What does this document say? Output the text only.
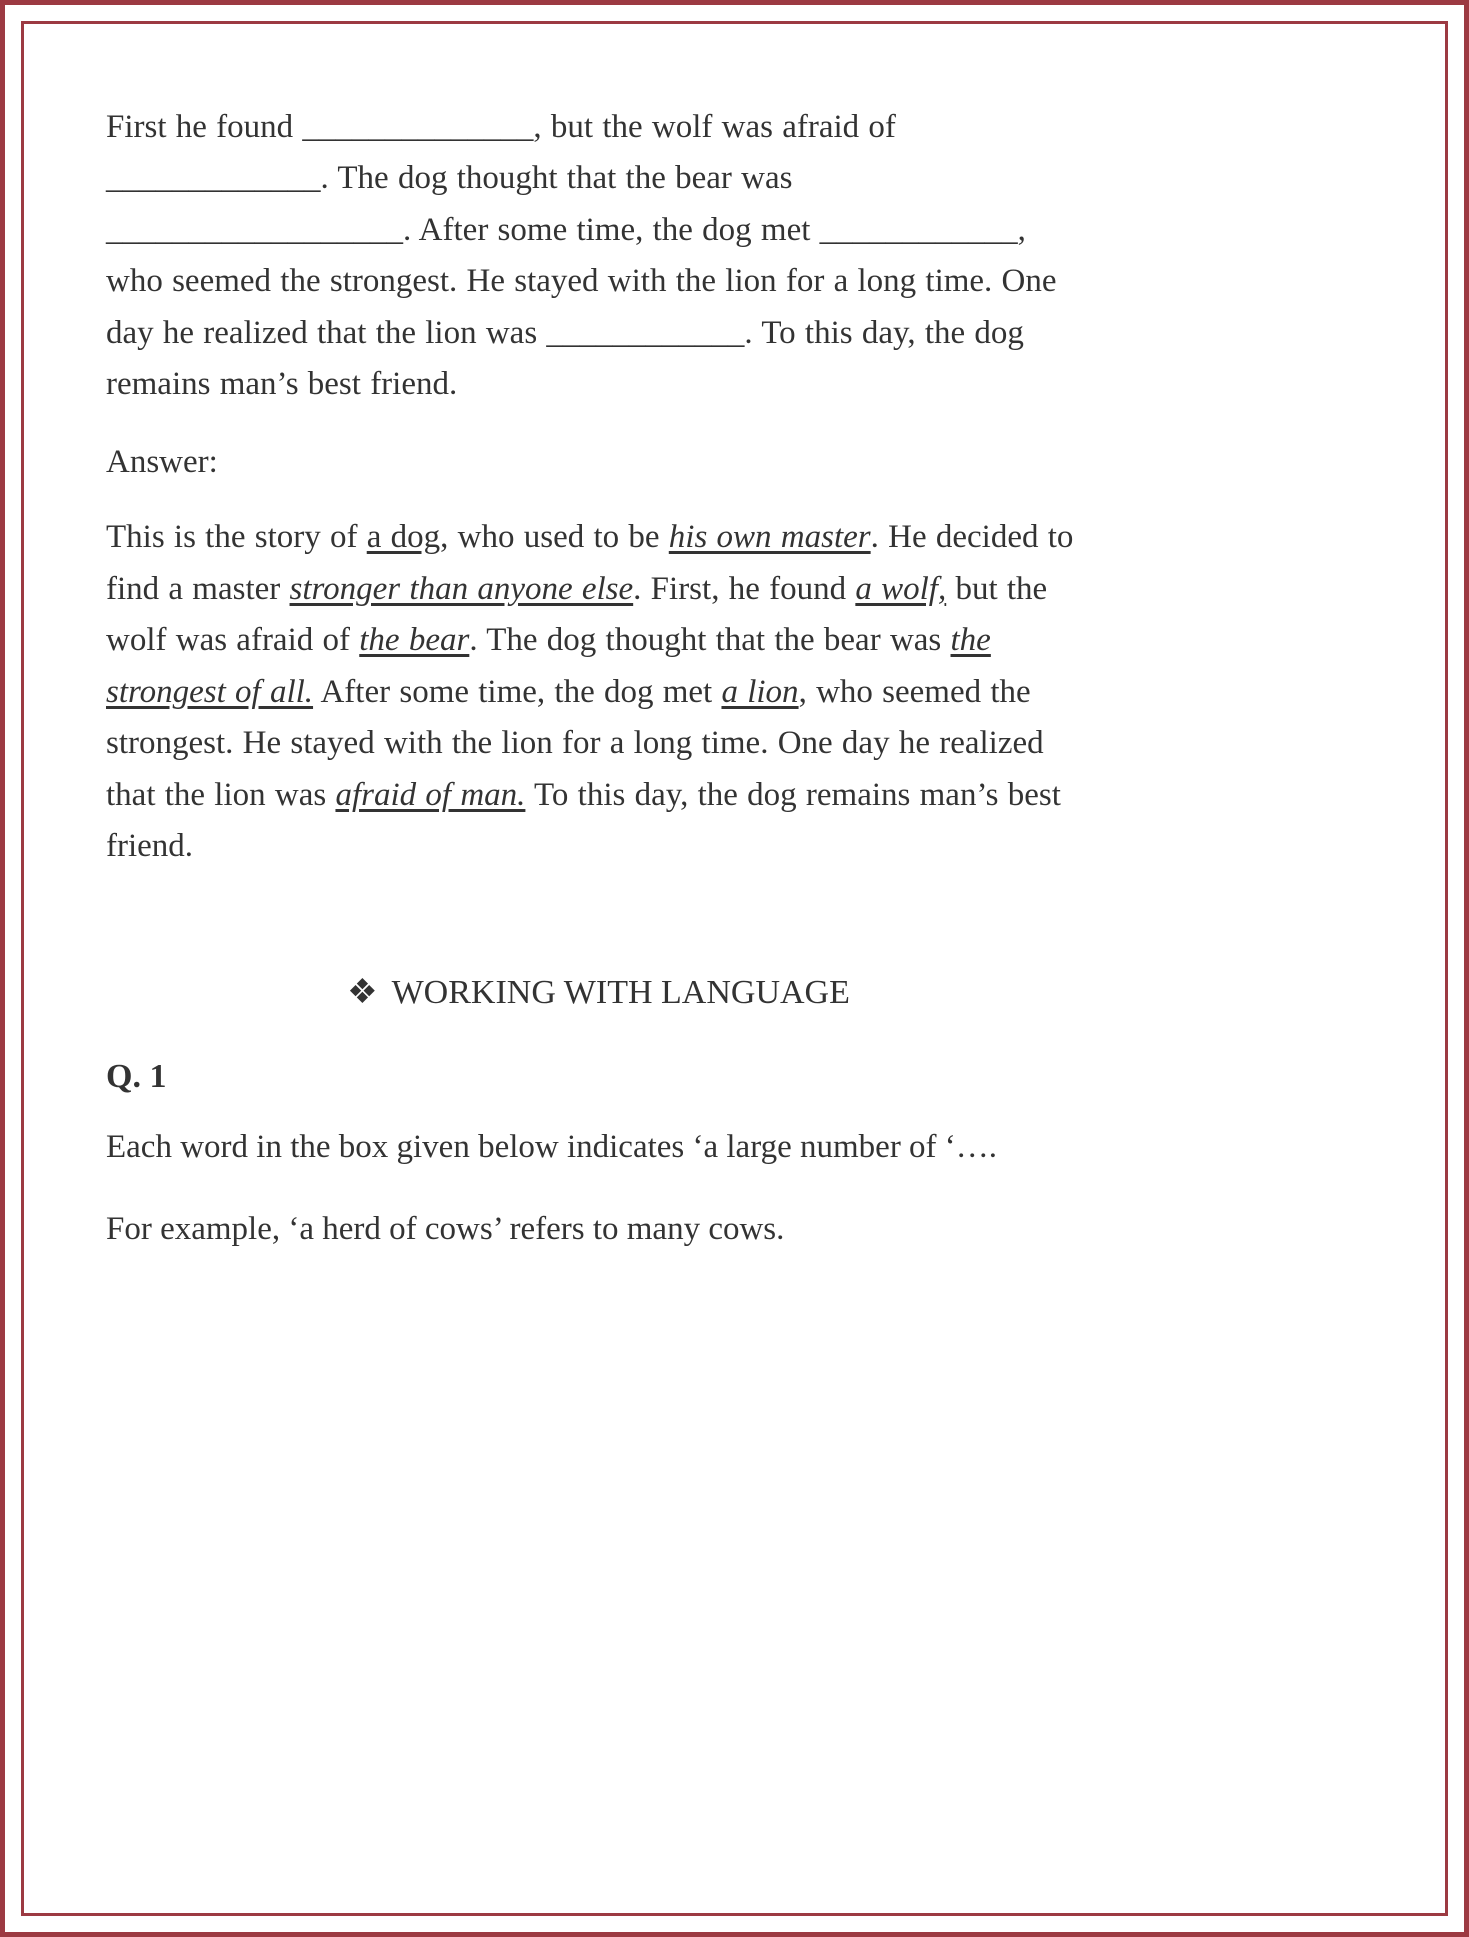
First he found ______________, but the wolf was afraid of _____________. The dog thought that the bear was __________________. After some time, the dog met ____________, who seemed the strongest. He stayed with the lion for a long time. One day he realized that the lion was ____________. To this day, the dog remains man’s best friend.

Answer:

This is the story of a dog, who used to be his own master. He decided to find a master stronger than anyone else. First, he found a wolf, but the wolf was afraid of the bear. The dog thought that the bear was the strongest of all. After some time, the dog met a lion, who seemed the strongest. He stayed with the lion for a long time. One day he realized that the lion was afraid of man. To this day, the dog remains man’s best friend.

❖ WORKING WITH LANGUAGE

Q. 1

Each word in the box given below indicates ‘a large number of ‘….

For example, ‘a herd of cows’ refers to many cows.
